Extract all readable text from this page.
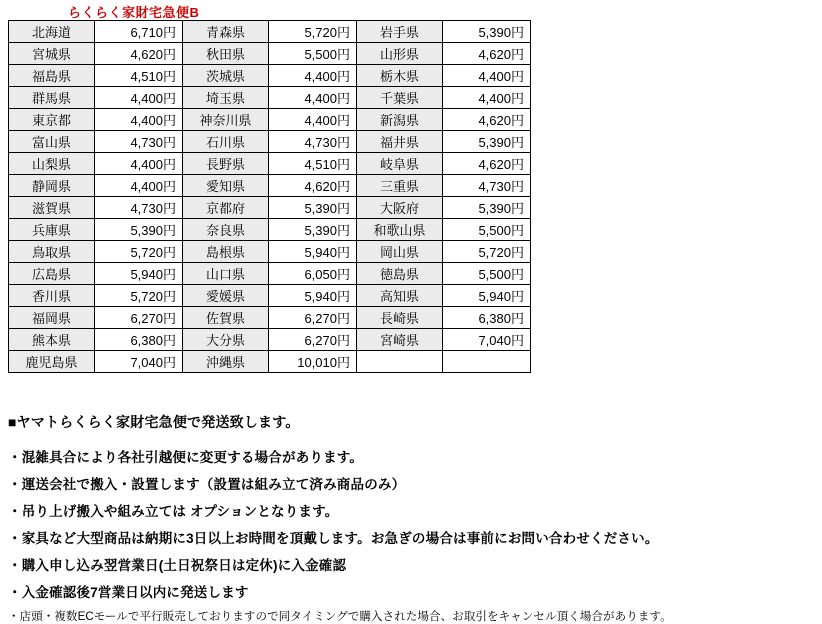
らくらく家財宅急便B
北海道	6,710円	青森県	5,720円	岩手県	5,390円
宮城県	4,620円	秋田県	5,500円	山形県	4,620円
福島県	4,510円	茨城県	4,400円	栃木県	4,400円
群馬県	4,400円	埼玉県	4,400円	千葉県	4,400円
東京都	4,400円	神奈川県	4,400円	新潟県	4,620円
富山県	4,730円	石川県	4,730円	福井県	5,390円
山梨県	4,400円	長野県	4,510円	岐阜県	4,620円
静岡県	4,400円	愛知県	4,620円	三重県	4,730円
滋賀県	4,730円	京都府	5,390円	大阪府	5,390円
兵庫県	5,390円	奈良県	5,390円	和歌山県	5,500円
鳥取県	5,720円	島根県	5,940円	岡山県	5,720円
広島県	5,940円	山口県	6,050円	徳島県	5,500円
香川県	5,720円	愛媛県	5,940円	高知県	5,940円
福岡県	6,270円	佐賀県	6,270円	長崎県	6,380円
熊本県	6,380円	大分県	6,270円	宮崎県	7,040円
鹿児島県	7,040円	沖縄県	10,010円		
■ヤマトらくらく家財宅急便で発送致します。
・混雑具合により各社引越便に変更する場合があります。
・運送会社で搬入・設置します（設置は組み立て済み商品のみ）
・吊り上げ搬入や組み立ては オプションとなります。
・家具など大型商品は納期に3日以上お時間を頂戴します。お急ぎの場合は事前にお問い合わせください。
・購入申し込み翌営業日(土日祝祭日は定休)に入金確認
・入金確認後7営業日以内に発送します
・店頭・複数ECモールで平行販売しておりますので同タイミングで購入された場合、お取引をキャンセル頂く場合があります。
